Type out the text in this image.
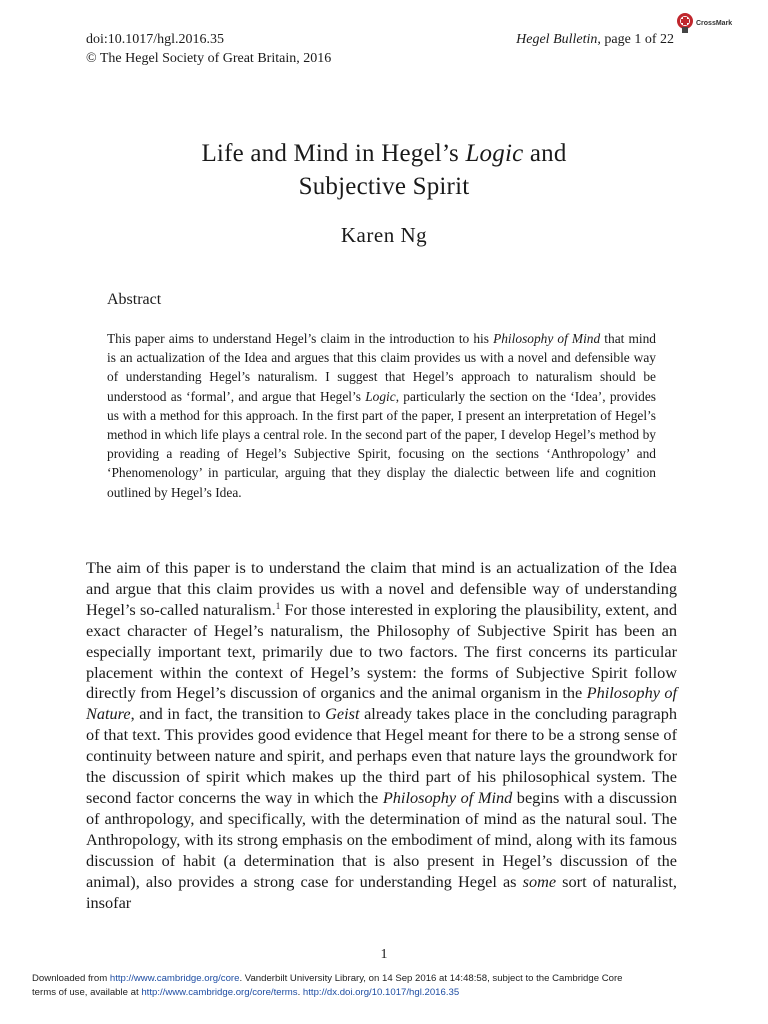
doi:10.1017/hgl.2016.35
© The Hegel Society of Great Britain, 2016
Hegel Bulletin, page 1 of 22
CrossMark
Life and Mind in Hegel’s Logic and
Subjective Spirit
Karen Ng
Abstract

This paper aims to understand Hegel’s claim in the introduction to his Philosophy of Mind that mind is an actualization of the Idea and argues that this claim provides us with a novel and defensible way of understanding Hegel’s naturalism. I suggest that Hegel’s approach to naturalism should be understood as ‘formal’, and argue that Hegel’s Logic, particularly the section on the ‘Idea’, provides us with a method for this approach. In the first part of the paper, I present an interpretation of Hegel’s method in which life plays a central role. In the second part of the paper, I develop Hegel’s method by providing a reading of Hegel’s Subjective Spirit, focusing on the sections ‘Anthropology’ and ‘Phenomenology’ in particular, arguing that they display the dialectic between life and cognition outlined by Hegel’s Idea.

The aim of this paper is to understand the claim that mind is an actualization of the Idea and argue that this claim provides us with a novel and defensible way of understanding Hegel’s so-called naturalism.$^1$ For those interested in exploring the plausibility, extent, and exact character of Hegel’s naturalism, the Philosophy of Subjective Spirit has been an especially important text, primarily due to two factors. The first concerns its particular placement within the context of Hegel’s system: the forms of Subjective Spirit follow directly from Hegel’s discussion of organics and the animal organism in the Philosophy of Nature, and in fact, the transition to Geist already takes place in the concluding paragraph of that text. This provides good evidence that Hegel meant for there to be a strong sense of continuity between nature and spirit, and perhaps even that nature lays the groundwork for the discussion of spirit which makes up the third part of his philosophical system. The second factor concerns the way in which the Philosophy of Mind begins with a discussion of anthropology, and specifically, with the determination of mind as the natural soul. The Anthropology, with its strong emphasis on the embodiment of mind, along with its famous discussion of habit (a determination that is also present in Hegel’s discussion of the animal), also provides a strong case for understanding Hegel as some sort of naturalist, insofar

1
Downloaded from http://www.cambridge.org/core. Vanderbilt University Library, on 14 Sep 2016 at 14:48:58, subject to the Cambridge Core
terms of use, available at http://www.cambridge.org/core/terms. http://dx.doi.org/10.1017/hgl.2016.35
